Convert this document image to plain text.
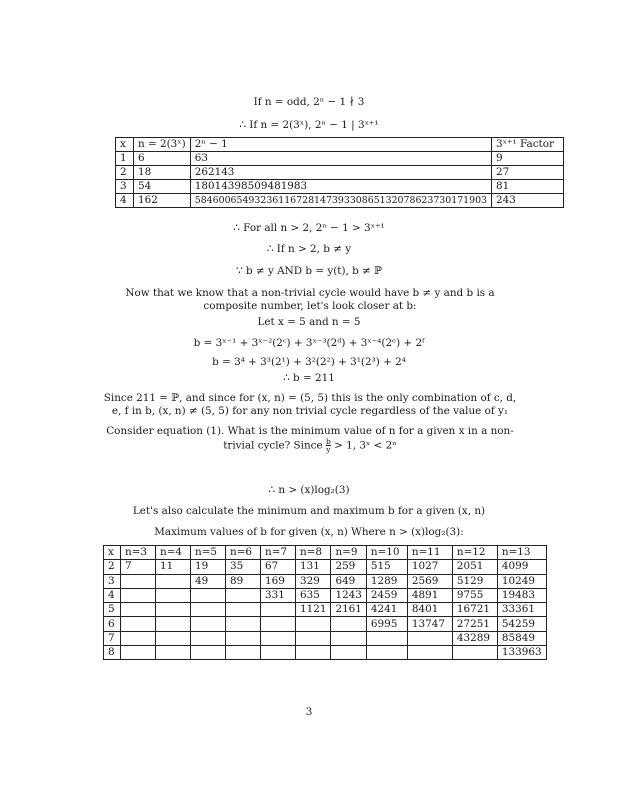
If n = odd, 2ⁿ − 1 ∤ 3
∴ If n = 2(3ˣ), 2ⁿ − 1 | 3ˣ⁺¹
x	n = 2(3ˣ)	2ⁿ − 1	3ˣ⁺¹ Factor
1	6	63	9
2	18	262143	27
3	54	18014398509481983	81
4	162	5846006549323611672814739330865132078623730171903	243
∴ For all n > 2, 2ⁿ − 1 > 3ˣ⁺¹
∴ If n > 2, b ≠ y
∵ b ≠ y AND b = y(t), b ≠ ℙ
Now that we know that a non-trivial cycle would have b ≠ y and b is a composite number, let's look closer at b:
Let x = 5 and n = 5
b = 3ˣ⁻¹ + 3ˣ⁻²(2ᶜ) + 3ˣ⁻³(2ᵈ) + 3ˣ⁻⁴(2ᵉ) + 2ᶠ
b = 3⁴ + 3³(2¹) + 3²(2²) + 3¹(2³) + 2⁴
∴ b = 211
Since 211 = ℙ, and since for (x, n) = (5, 5) this is the only combination of c, d, e, f in b, (x, n) ≠ (5, 5) for any non trivial cycle regardless of the value of y₁
Consider equation (1). What is the minimum value of n for a given x in a non-trivial cycle? Since $\frac{b}{y} > 1$, 3ˣ < 2ⁿ
∴ n > (x)log₂(3)
Let's also calculate the minimum and maximum b for a given (x, n)
Maximum values of b for given (x, n) Where n > (x)log₂(3):
x	n=3	n=4	n=5	n=6	n=7	n=8	n=9	n=10	n=11	n=12	n=13
2	7	11	19	35	67	131	259	515	1027	2051	4099
3			49	89	169	329	649	1289	2569	5129	10249
4					331	635	1243	2459	4891	9755	19483
5						1121	2161	4241	8401	16721	33361
6								6995	13747	27251	54259
7										43289	85849
8											133963
3
